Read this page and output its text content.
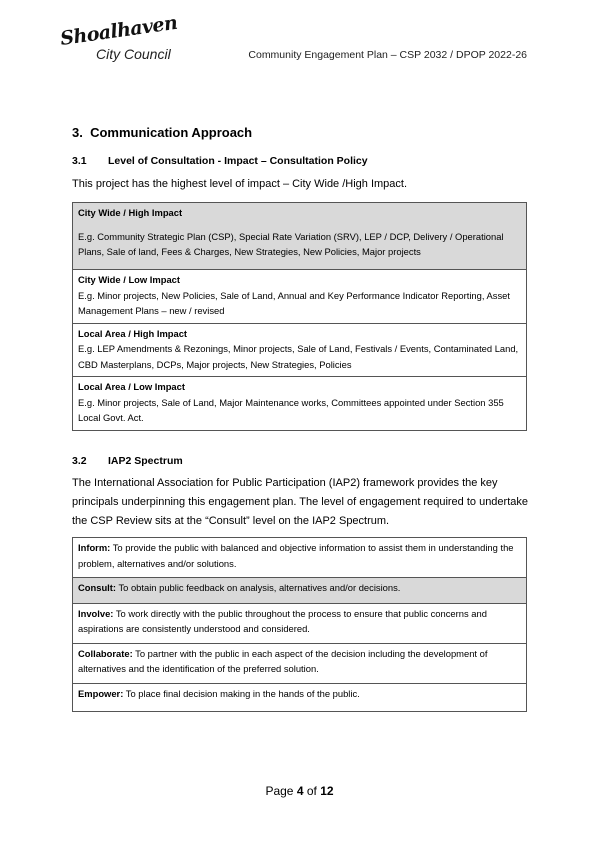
Shoalhaven
City Council	Community Engagement Plan – CSP 2032 / DPOP 2022-26
3. Communication Approach
3.1 Level of Consultation - Impact – Consultation Policy
This project has the highest level of impact – City Wide /High Impact.
City Wide / High Impact
E.g. Community Strategic Plan (CSP), Special Rate Variation (SRV), LEP / DCP, Delivery / Operational Plans, Sale of land, Fees & Charges, New Strategies, New Policies, Major projects

City Wide / Low Impact
E.g. Minor projects, New Policies, Sale of Land, Annual and Key Performance Indicator Reporting, Asset Management Plans – new / revised

Local Area / High Impact
E.g. LEP Amendments & Rezonings, Minor projects, Sale of Land, Festivals / Events, Contaminated Land, CBD Masterplans, DCPs, Major projects, New Strategies, Policies

Local Area / Low Impact
E.g. Minor projects, Sale of Land, Major Maintenance works, Committees appointed under Section 355 Local Govt. Act.
3.2 IAP2 Spectrum
The International Association for Public Participation (IAP2) framework provides the key principals underpinning this engagement plan. The level of engagement required to undertake the CSP Review sits at the “Consult” level on the IAP2 Spectrum.
Inform: To provide the public with balanced and objective information to assist them in understanding the problem, alternatives and/or solutions.
Consult: To obtain public feedback on analysis, alternatives and/or decisions.
Involve: To work directly with the public throughout the process to ensure that public concerns and aspirations are consistently understood and considered.
Collaborate: To partner with the public in each aspect of the decision including the development of alternatives and the identification of the preferred solution.
Empower: To place final decision making in the hands of the public.
Page 4 of 12
